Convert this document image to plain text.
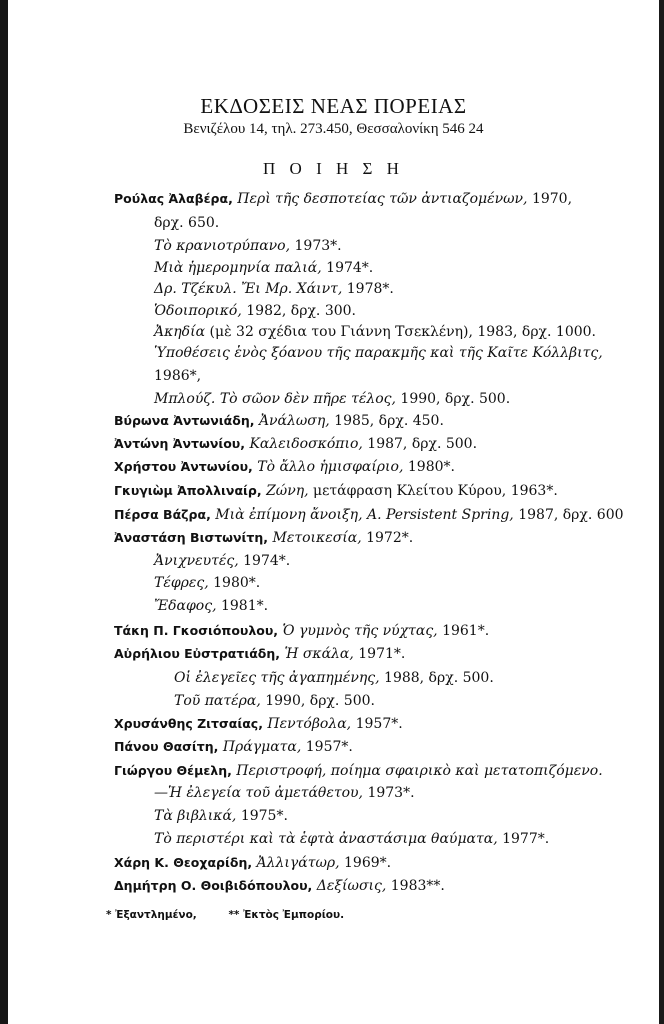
ΕΚΔΟΣΕΙΣ ΝΕΑΣ ΠΟΡΕΙΑΣ
Βενιζέλου 14, τηλ. 273.450, Θεσσαλονίκη 546 24
Π Ο Ι Η Σ Η
Ρούλας Ἀλαβέρα, Περὶ τῆς δεσποτείας τῶν ἀντιαζομένων, 1970,
δρχ. 650.
Τὸ κρανιοτρύπανο, 1973*.
Μιὰ ἡμερομηνία παλιά, 1974*.
Δρ. Τζέκυλ. Ἔι Μρ. Χάιντ, 1978*.
Ὁδοιπορικό, 1982, δρχ. 300.
Ἀκηδία (μὲ 32 σχέδια του Γιάννη Τσεκλένη), 1983, δρχ. 1000.
Ὑποθέσεις ἑνὸς ξόανου τῆς παρακμῆς καὶ τῆς Καῖτε Κόλλβιτς,
1986*,
Μπλούζ. Τὸ σῶον δὲν πῆρε τέλος, 1990, δρχ. 500.
Βύρωνα Ἀντωνιάδη, Ἀνάλωση, 1985, δρχ. 450.
Ἀντώνη Ἀντωνίου, Καλειδοσκόπιο, 1987, δρχ. 500.
Χρήστου Ἀντωνίου, Τὸ ἄλλο ἡμισφαίριο, 1980*.
Γκυγιὼμ Ἀπολλιναίρ, Ζώνη, μετάφραση Κλείτου Κύρου, 1963*.
Πέρσα Βάζρα, Μιὰ ἐπίμονη ἄνοιξη, A. Persistent Spring, 1987, δρχ. 600
Ἀναστάση Βιστωνίτη, Μετοικεσία, 1972*.
Ἀνιχνευτές, 1974*.
Τέφρες, 1980*.
Ἔδαφος, 1981*.
Τάκη Π. Γκοσιόπουλου, Ὁ γυμνὸς τῆς νύχτας, 1961*.
Αὐρήλιου Εὐστρατιάδη, Ἡ σκάλα, 1971*.
Οἱ ἐλεγεῖες τῆς ἀγαπημένης, 1988, δρχ. 500.
Τοῦ πατέρα, 1990, δρχ. 500.
Χρυσάνθης Ζιτσαίας, Πεντόβολα, 1957*.
Πάνου Θασίτη, Πράγματα, 1957*.
Γιώργου Θέμελη, Περιστροφή, ποίημα σφαιρικὸ καὶ μετατοπιζόμενο.
—Ἡ ἐλεγεία τοῦ ἀμετάθετου, 1973*.
Τὰ βιβλικά, 1975*.
Τὸ περιστέρι καὶ τὰ ἑφτὰ ἀναστάσιμα θαύματα, 1977*.
Χάρη Κ. Θεοχαρίδη, Ἀλλιγάτωρ, 1969*.
Δημήτρη Ο. Θοιβιδόπουλου, Δεξίωσις, 1983**.
* Ἐξαντλημένο,	** Ἐκτὸς Ἐμπορίου.
